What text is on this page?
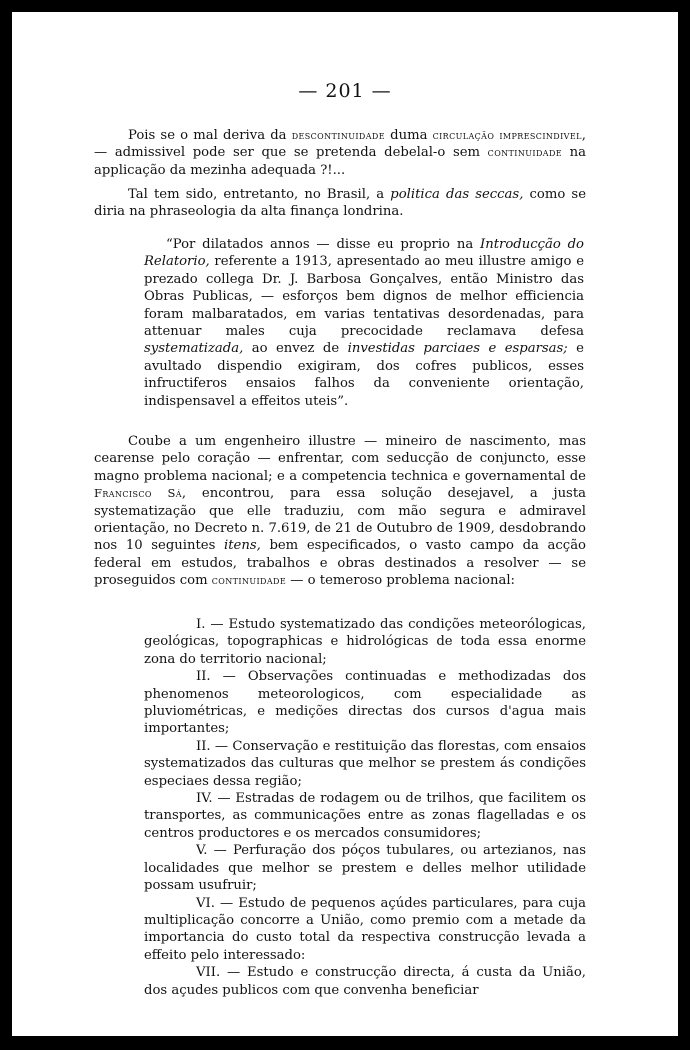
— 201 —

Pois se o mal deriva da descontinuidade duma circulação imprescindivel, — admissivel pode ser que se pretenda debelal-o sem continuidade na applicação da mezinha adequada ?!...

Tal tem sido, entretanto, no Brasil, a politica das seccas, como se diria na phraseologia da alta finança londrina.

“Por dilatados annos — disse eu proprio na Introducção do Relatorio, referente a 1913, apresentado ao meu illustre amigo e prezado collega Dr. J. Barbosa Gonçalves, então Ministro das Obras Publicas, — esforços bem dignos de melhor efficiencia foram malbaratados, em varias tentativas desordenadas, para attenuar males cuja precocidade reclamava defesa systematizada, ao envez de investidas parciaes e esparsas; e avultado dispendio exigiram, dos cofres publicos, esses infructiferos ensaios falhos da conveniente orientação, indispensavel a effeitos uteis”.

Coube a um engenheiro illustre — mineiro de nascimento, mas cearense pelo coração — enfrentar, com seducção de conjuncto, esse magno problema nacional; e a competencia technica e governamental de Francisco Sá, encontrou, para essa solução desejavel, a justa systematização que elle traduziu, com mão segura e admiravel orientação, no Decreto n. 7.619, de 21 de Outubro de 1909, desdobrando nos 10 seguintes itens, bem especificados, o vasto campo da acção federal em estudos, trabalhos e obras destinados a resolver — se proseguidos com continuidade — o temeroso problema nacional:

I. — Estudo systematizado das condições meteorólogicas, geológicas, topographicas e hidrológicas de toda essa enorme zona do territorio nacional;

II. — Observações continuadas e methodizadas dos phenomenos meteorologicos, com especialidade as pluviométricas, e medições directas dos cursos d'agua mais importantes;

II. — Conservação e restituição das florestas, com ensaios systematizados das culturas que melhor se prestem ás condições especiaes dessa região;

IV. — Estradas de rodagem ou de trilhos, que facilitem os transportes, as communicações entre as zonas flagelladas e os centros productores e os mercados consumidores;

V. — Perfuração dos póços tubulares, ou artezianos, nas localidades que melhor se prestem e delles melhor utilidade possam usufruir;

VI. — Estudo de pequenos açúdes particulares, para cuja multiplicação concorre a União, como premio com a metade da importancia do custo total da respectiva construcção levada a effeito pelo interessado:

VII. — Estudo e construcção directa, á custa da União, dos açudes publicos com que convenha beneficiar
